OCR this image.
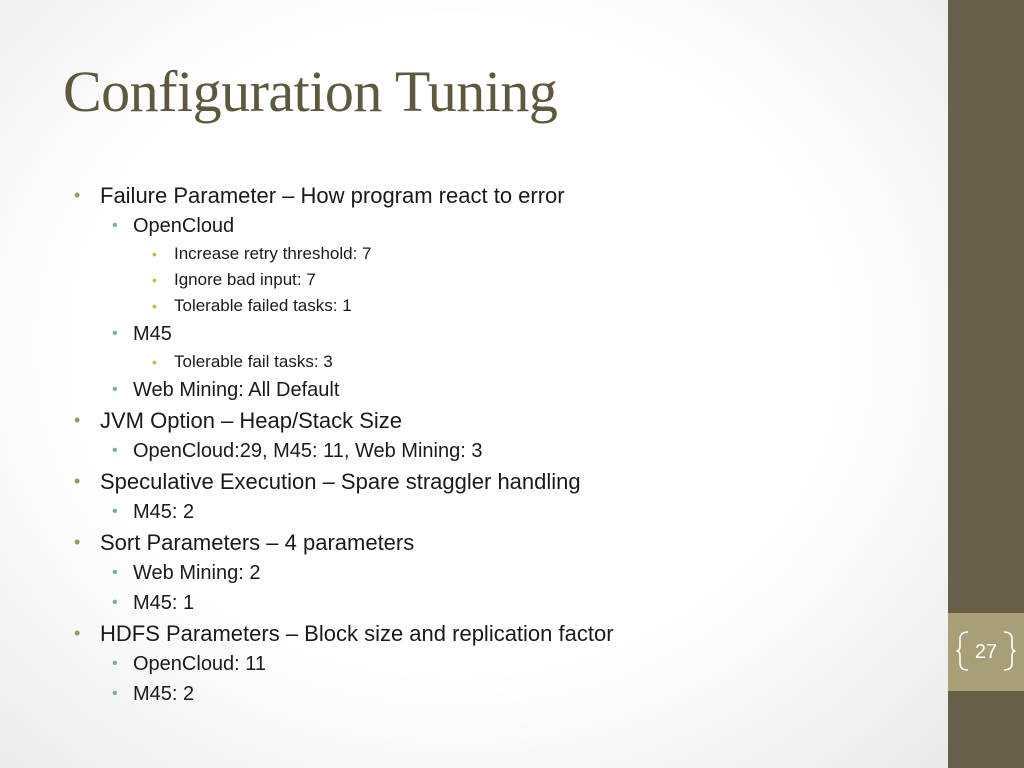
Configuration Tuning
• Failure Parameter – How program react to error
• OpenCloud
• Increase retry threshold: 7
• Ignore bad input: 7
• Tolerable failed tasks: 1
• M45
• Tolerable fail tasks: 3
• Web Mining: All Default
• JVM Option – Heap/Stack Size
• OpenCloud:29, M45: 11, Web Mining: 3
• Speculative Execution – Spare straggler handling
• M45: 2
• Sort Parameters – 4 parameters
• Web Mining: 2
• M45: 1
• HDFS Parameters – Block size and replication factor
• OpenCloud: 11
• M45: 2
27
